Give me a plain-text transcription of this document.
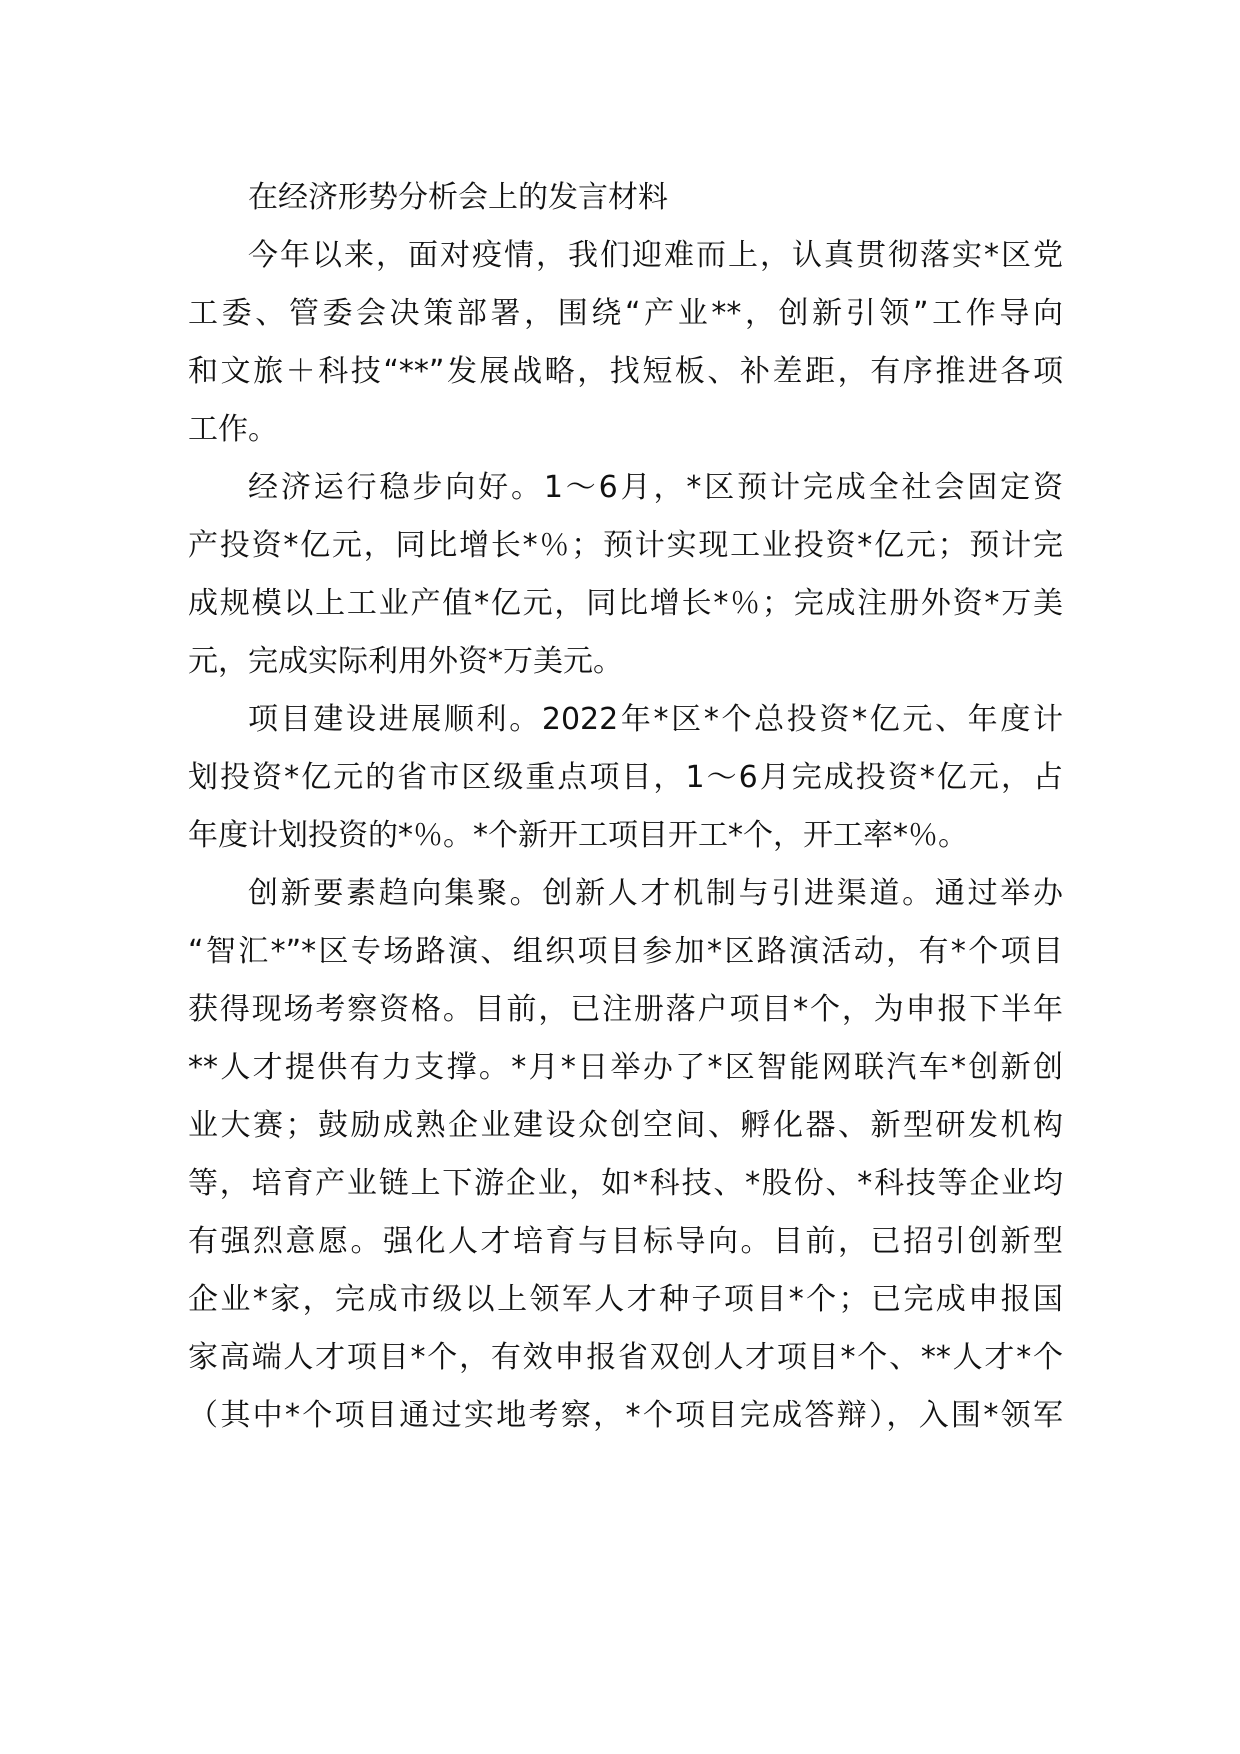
在经济形势分析会上的发言材料
今年以来，面对疫情，我们迎难而上，认真贯彻落实*区党
工委、管委会决策部署，围绕“产业**，创新引领”工作导向
和文旅＋科技“**”发展战略，找短板、补差距，有序推进各项
工作。
经济运行稳步向好。1～6月，*区预计完成全社会固定资
产投资*亿元，同比增长*％；预计实现工业投资*亿元；预计完
成规模以上工业产值*亿元，同比增长*％；完成注册外资*万美
元，完成实际利用外资*万美元。
项目建设进展顺利。2022年*区*个总投资*亿元、年度计
划投资*亿元的省市区级重点项目，1～6月完成投资*亿元，占
年度计划投资的*％。*个新开工项目开工*个，开工率*％。
创新要素趋向集聚。创新人才机制与引进渠道。通过举办
“智汇*”*区专场路演、组织项目参加*区路演活动，有*个项目
获得现场考察资格。目前，已注册落户项目*个，为申报下半年
**人才提供有力支撑。*月*日举办了*区智能网联汽车*创新创
业大赛；鼓励成熟企业建设众创空间、孵化器、新型研发机构
等，培育产业链上下游企业，如*科技、*股份、*科技等企业均
有强烈意愿。强化人才培育与目标导向。目前，已招引创新型
企业*家，完成市级以上领军人才种子项目*个；已完成申报国
家高端人才项目*个，有效申报省双创人才项目*个、**人才*个
（其中*个项目通过实地考察，*个项目完成答辩），入围*领军
